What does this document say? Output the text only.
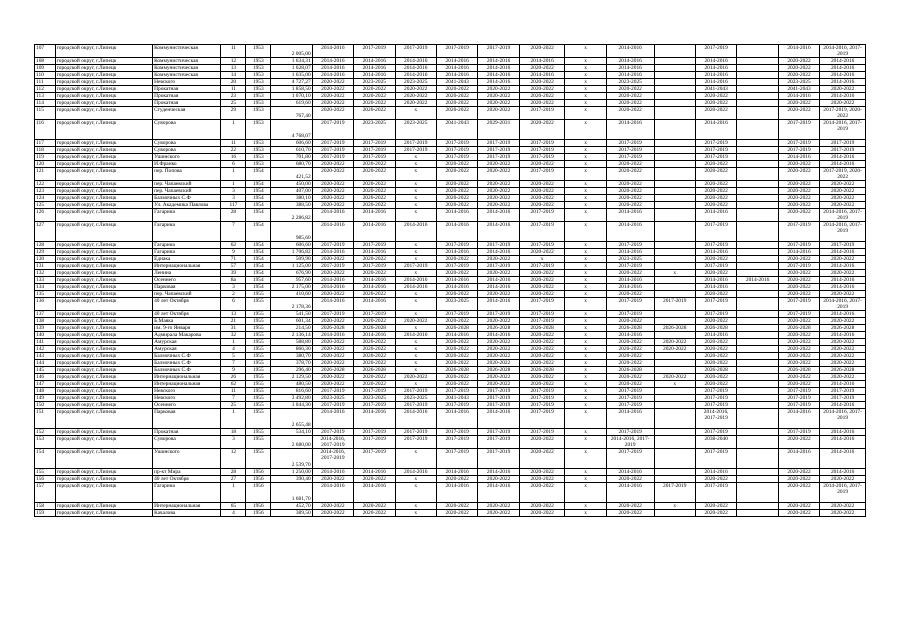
107	городской округ, г.Липецк	Коммунистическая	11	1953	2 005,00	2014-2016	2017-2019	2017-2019	2017-2019	2017-2019	2020-2022	х	2014-2016		2017-2019		2014-2016	2014-2016, 2017-2019
108	городской округ, г.Липецк	Коммунистическая	12	1953	1 634,31	2014-2016	2014-2016	2014-2016	2014-2016	2014-2016	2014-2016	х	2014-2016		2014-2016		2020-2022	2014-2016
109	городской округ, г.Липецк	Коммунистическая	13	1953	1 628,07	2014-2016	2014-2016	2014-2016	2014-2016	2014-2016	2020-2022	х	2014-2016		2014-2016		2020-2022	2014-2016
110	городской округ, г.Липецк	Коммунистическая	14	1953	1 635,00	2014-2016	2014-2016	2014-2016	2014-2016	2014-2016	2014-2016	х	2014-2016		2014-2016		2020-2022	2014-2016
111	городской округ, г.Липецк	Невского	20	1953	4 727,27	2020-2022	2023-2025	2023-2025	2041-2043	2014-2016	2020-2022	х	2023-2025		2014-2016		2023-2025	2014-2016
112	городской округ, г.Липецк	Прокатная	11	1953	1 858,50	2020-2022	2020-2022	2020-2022	2020-2022	2020-2022	2020-2022	х	2020-2022		2041-2043		2041-2043	2020-2022
113	городской округ, г.Липецк	Прокатная	23	1953	1 070,10	2020-2022	2020-2022	2020-2022	2020-2022	2020-2022	2020-2022	х	2020-2022		2020-2022		2014-2016	2014-2016
114	городской округ, г.Липецк	Прокатная	25	1953	619,60	2020-2022	2020-2022	2020-2022	2020-2022	2020-2022	2020-2022	х	2020-2022		2020-2022		2020-2022	2020-2022
115	городской округ, г.Липецк	Студенческая	29	1953	767,40	2020-2022	2020-2022	х	2020-2022	2020-2022	2017-2019	х	2020-2022		2020-2022		2020-2022	2017-2019, 2020-2022
116	городской округ, г.Липецк	Суворова	1	1953	4 768,07	2017-2019	2023-2025	2023-2025	2041-2043	2029-2031	2020-2022	х	2014-2016		2014-2016		2017-2019	2014-2016, 2017-2019
117	городской округ, г.Липецк	Суворова	11	1953	606,60	2017-2019	2017-2019	2017-2019	2017-2019	2017-2019	2017-2019	х	2017-2019		2017-2019		2017-2019	2017-2019
118	городской округ, г.Липецк	Суворова	22	1953	610,70	2017-2019	2017-2019	2017-2019	2017-2019	2017-2019	2017-2019	х	2017-2019		2017-2019		2017-2019	2017-2019
119	городской округ, г.Липецк	Ушинского	16	1953	701,80	2017-2019	2017-2019	х	2017-2019	2017-2019	2017-2019	х	2017-2019		2017-2019		2014-2016	2014-2016
120	городской округ, г.Липецк	И.Франко	6	1953	680,70	2020-2022	2020-2022	х	2020-2022	2020-2022	2020-2022	х	2020-2022		2020-2022		2020-2022	2014-2016
121	городской округ, г.Липецк	пер. Попова	1	1954	421,52	2020-2022	2020-2022	х	2020-2022	2020-2022	2017-2019	х	2020-2022		2020-2022		2020-2022	2017-2019, 2020-2022
122	городской округ, г.Липецк	пер. Чапаевский	1	1954	450,00	2020-2022	2020-2022	х	2020-2022	2020-2022	2020-2022	х	2020-2022		2020-2022		2020-2022	2020-2022
123	городской округ, г.Липецк	пер. Чапаевский	3	1954	407,00	2020-2022	2020-2022	х	2020-2022	2020-2022	2020-2022	х	2020-2022		2020-2022		2020-2022	2020-2022
124	городской округ, г.Липецк	Балмочных С.Ф	3	1954	380,10	2020-2022	2020-2022	х	2020-2022	2020-2022	2020-2022	х	2020-2022		2020-2022		2020-2022	2020-2022
125	городской округ, г.Липецк	Ул. Академика Павлова	117	1954	388,50	2020-2022	2020-2022	х	2020-2022	2020-2022	2020-2022	х	2020-2022		2020-2022		2020-2022	2020-2022
126	городской округ, г.Липецк	Гагарина	28	1954	2 286,82	2014-2016	2014-2016	х	2014-2016	2014-2016	2017-2019	х	2014-2016		2014-2016		2020-2022	2014-2016, 2017-2019
127	городской округ, г.Липецк	Гагарина	7	1954	985,60	2014-2016	2014-2016	2014-2016	2014-2016	2014-2016	2017-2019	х	2014-2016		2017-2019		2017-2019	2014-2016, 2017-2019
128	городской округ, г.Липецк	Гагарина	62	1954	606,60	2017-2019	2017-2019	х	2017-2019	2017-2019	2017-2019	х	2017-2019		2017-2019		2017-2019	2017-2019
129	городской округ, г.Липецк	Гагарина	9	1954	1 706,82	2014-2016	2014-2016	х	2014-2016	2014-2016	2020-2022	х	2014-2016		2014-2016		2014-2016	2014-2016
130	городской округ, г.Липецк	Една́ка	71	1954	509,90	2020-2022	2020-2022	х	2020-2022	2020-2022	х	х	2023-2025		2020-2022		2020-2022	2020-2022
131	городской округ, г.Липецк	Интернациональная	57	1954	1 125,00	2017-2019	2017-2019	2017-2019	2017-2019	2017-2019	2017-2019	х	2017-2019		2017-2019		2017-2019	2014-2016
132	городской округ, г.Липецк	Ленина	39	1954	676,90	2020-2022	2020-2022	х	2020-2022	2020-2022	2020-2022	х	2020-2022	х	2020-2022		2020-2022	2020-2022
133	городской округ, г.Липецк	Осеннего	8а	1954	957,60	2014-2016	2014-2016	2014-2016	2014-2016	2014-2016	2020-2022	х	2014-2016		2014-2016	2014-2016	2020-2022	2014-2016
134	городской округ, г.Липецк	Парковая	3	1954	2 175,00	2014-2016	2014-2016	2014-2016	2014-2016	2014-2016	2020-2022	х	2014-2016		2014-2016		2020-2022	2014-2016
135	городской округ, г.Липецк	пер. Чапаевский	2	1955	410,60	2020-2022	2020-2022	х	2020-2022	2020-2022	2020-2022	х	2020-2022		2020-2022		2020-2022	2020-2022
136	городской округ, г.Липецк	40 лет Октября	6	1955	2 178,36	2014-2016	2014-2016	х	2023-2025	2014-2016	2017-2019	х	2017-2019	2017-2019	2017-2019		2017-2019	2014-2016, 2017-2019
137	городской округ, г.Липецк	40 лет Октября	13	1955	541,50	2017-2019	2017-2019	х	2017-2019	2017-2019	2017-2019	х	2017-2019		2017-2019		2017-2019	2014-2016
138	городской округ, г.Липецк	Б.Маяка	21	1955	601,34	2020-2022	2020-2022	2020-2022	2020-2022	2020-2022	2017-2019	х	2020-2022		2020-2022		2020-2022	2020-2022
139	городской округ, г.Липецк	им. 9-го Января	31	1955	214,50	2026-2028	2026-2028	х	2026-2028	2026-2028	2026-2028	х	2026-2028	2026-2028	2026-2028		2026-2028	2026-2028
140	городской округ, г.Липецк	Адмирала Макарова	32	1955	2 136,14	2014-2016	2014-2016	2014-2016	2014-2016	2014-2016	2020-2022	х	2014-2016		2014-2016		2020-2022	2014-2016
141	городской округ, г.Липецк	Амурская	1	1955	588,80	2020-2022	2020-2022	х	2020-2022	2020-2022	2020-2022	х	2020-2022	2020-2022	2020-2022		2020-2022	2020-2022
142	городской округ, г.Липецк	Амурская	4	1955	866,30	2020-2022	2020-2022	х	2020-2022	2020-2022	2020-2022	х	2020-2022	2020-2022	2020-2022		2020-2022	2020-2022
143	городской округ, г.Липецк	Балмочных С.Ф	5	1955	380,70	2020-2022	2020-2022	х	2020-2022	2020-2022	2020-2022	х	2020-2022		2020-2022		2020-2022	2020-2022
144	городской округ, г.Липецк	Балмочных С.Ф	7	1955	378,70	2020-2022	2020-2022	х	2020-2022	2020-2022	2020-2022	х	2020-2022		2020-2022		2020-2022	2020-2022
145	городской округ, г.Липецк	Балмочных С.Ф	9	1955	296,40	2026-2028	2026-2028	х	2026-2028	2026-2028	2026-2028	х	2026-2028		2026-2028		2026-2028	2026-2028
146	городской округ, г.Липецк	Интернациональная	26	1955	2 129,50	2020-2022	2020-2022	2020-2022	2020-2022	2020-2022	2020-2022	х	2020-2022	2020-2022	2020-2022		2020-2022	2020-2022
147	городской округ, г.Липецк	Интернациональная	62	1955	480,50	2020-2022	2020-2022	х	2020-2022	2020-2022	2020-2022	х	2020-2022	х	2020-2022		2020-2022	2014-2016
148	городской округ, г.Липецк	Невского	11	1955	816,60	2017-2019	2017-2019	2017-2019	2017-2019	2017-2019	2017-2019	х	2017-2019		2017-2019		2017-2019	2017-2019
149	городской округ, г.Липецк	Невского	7	1955	3 492,80	2023-2025	2023-2025	2023-2025	2041-2043	2017-2019	2017-2019	х	2017-2019		2017-2019		2017-2019	2017-2019
150	городской округ, г.Липецк	Осеннего	25	1955	1 044,30	2017-2019	2017-2019	2017-2019	2017-2019	2017-2019	2017-2019	х	2017-2019		2017-2019		2017-2019	2014-2016
151	городской округ, г.Липецк	Парковая	1	1955	2 655,48	2014-2016	2014-2016	2014-2016	2014-2016	2014-2016	2017-2019	х	2014-2016		2014-2016, 2017-2019		2014-2016	2014-2016, 2017-2019
152	городской округ, г.Липецк	Прокатная	18	1955	534,10	2017-2019	2017-2019	2017-2019	2017-2019	2017-2019	2017-2019	х	2017-2019		2017-2019		2017-2019	2014-2016
153	городской округ, г.Липецк	Суворова	3	1955	2 680,00	2014-2016, 2017-2019	2017-2019	2017-2019	2017-2019	2017-2019	2020-2022	х	2014-2016, 2017-2019		2038-2040		2020-2022	2014-2016
154	городской округ, г.Липецк	Ушинского	12	1955	2 539,70	2014-2016, 2017-2019	2017-2019	х	2017-2019	2017-2019	2020-2022	х	2017-2019		2017-2019		2014-2016	2014-2016
155	городской округ, г.Липецк	пр-кт Мира	28	1956	1 250,00	2014-2016	2014-2016	2014-2016	2014-2016	2014-2016	2020-2022	х	2014-2016		2014-2016		2020-2022	2014-2016
156	городской округ, г.Липецк	40 лет Октября	27	1956	390,40	2020-2022	2020-2022	х	2020-2022	2020-2022	2020-2022	х	2020-2022		2020-2022		2020-2022	2020-2022
157	городской округ, г.Липецк	Гагарина	1	1956	1 681,70	2014-2016	2014-2016	х	2014-2016	2014-2016	2020-2022	х	2014-2016	2017-2019	2017-2019		2020-2022	2014-2016, 2017-2019
158	городской округ, г.Липецк	Интернациональная	65	1956	452,70	2020-2022	2020-2022	х	2020-2022	2020-2022	2020-2022	х	2020-2022	х	2020-2022		2020-2022	2020-2022
159	городской округ, г.Липецк	Качалова	4	1956	389,50	2020-2022	2020-2022	х	2020-2022	2020-2022	2020-2022	х	2020-2022		2020-2022		2020-2022	2020-2022
